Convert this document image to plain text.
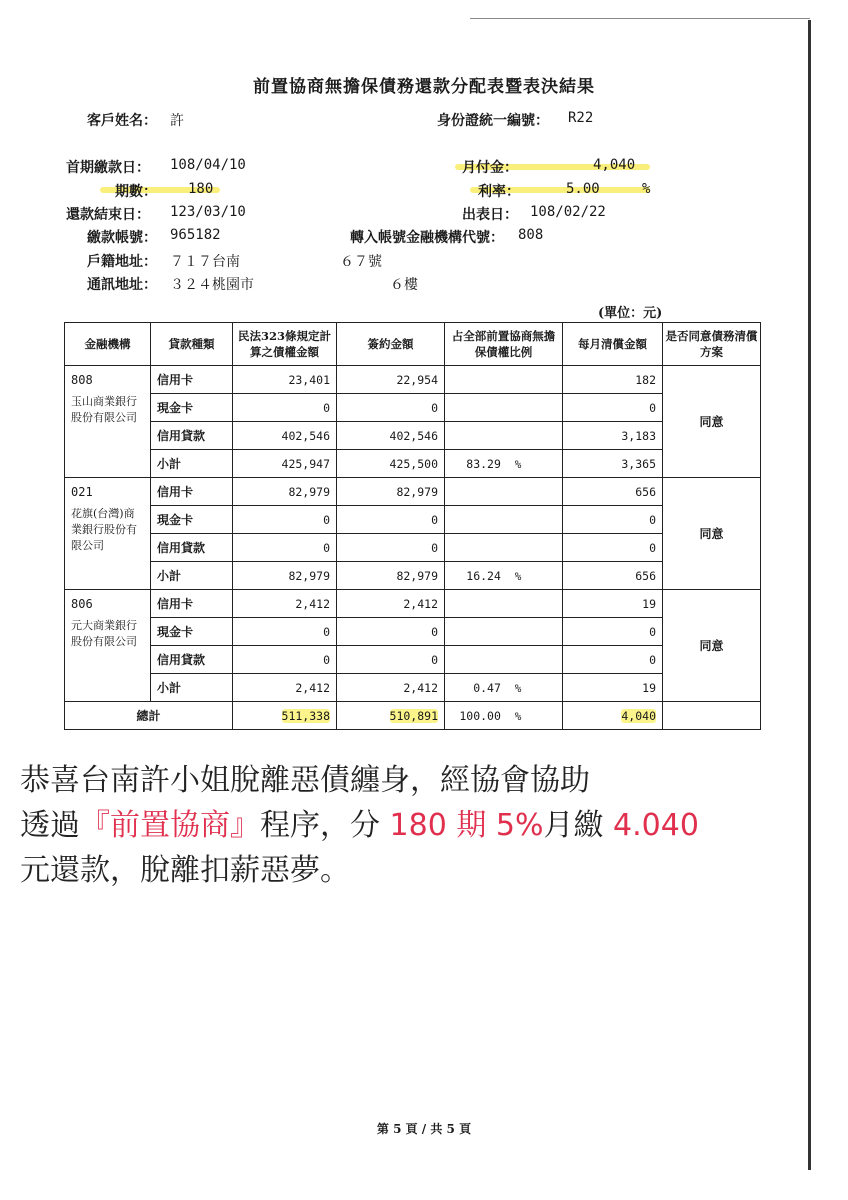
前置協商無擔保債務還款分配表暨表決結果
客戶姓名： 許	身份證統一編號： R22
首期繳款日： 108/04/10	月付金：	4,040
期數： 180	利率：	5.00	%
還款結束日： 123/03/10	出表日： 108/02/22
繳款帳號： 965182	轉入帳號金融機構代號： 808
戶籍地址： ７１７台南	６７號
通訊地址： ３２４桃園市	６樓
(單位：元)
金融機構	貸款種類	民法323條規定計算之債權金額	簽約金額	占全部前置協商無擔保債權比例	每月清償金額	是否同意債務清償方案

808
玉山商業銀行股份有限公司	信用卡	23,401	22,954		182	同意
	現金卡	0	0		0	
	信用貸款	402,546	402,546		3,183	
	小計	425,947	425,500	83.29 %	3,365	

021
花旗(台灣)商業銀行股份有限公司	信用卡	82,979	82,979		656	同意
	現金卡	0	0		0	
	信用貸款	0	0		0	
	小計	82,979	82,979	16.24 %	656	

806
元大商業銀行股份有限公司	信用卡	2,412	2,412		19	同意
	現金卡	0	0		0	
	信用貸款	0	0		0	
	小計	2,412	2,412	0.47 %	19	
總計		511,338	510,891	100.00 %	4,040	
恭喜台南許小姐脫離惡債纏身，經協會協助
透過『前置協商』程序，分 180 期 5%月繳 4.040
元還款，脫離扣薪惡夢。
第 5 頁 / 共 5 頁
